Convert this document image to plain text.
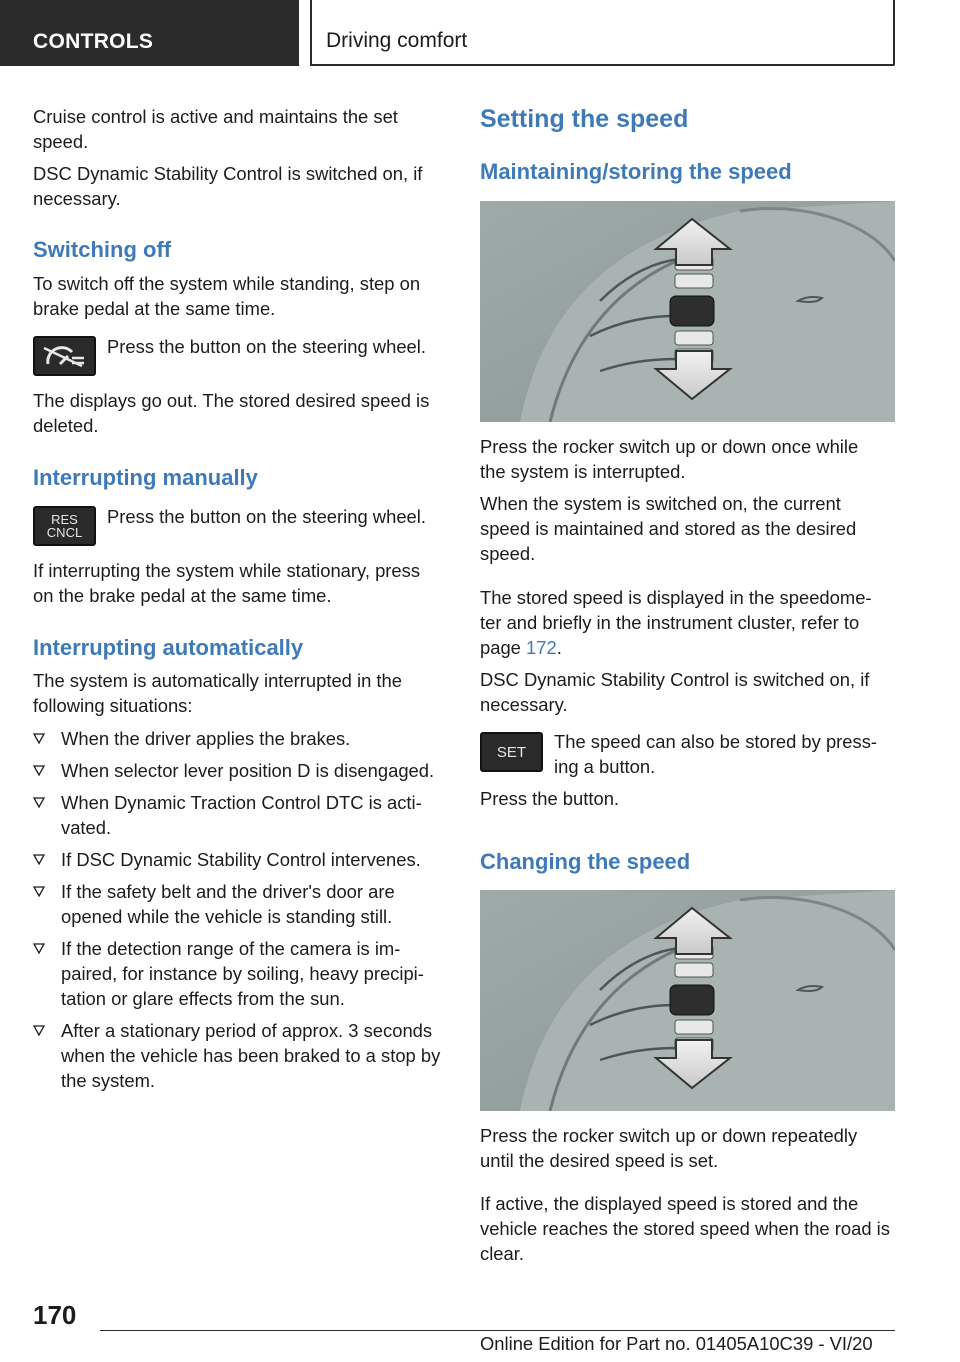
CONTROLS	Driving comfort

Cruise control is active and maintains the set speed.

DSC Dynamic Stability Control is switched on, if necessary.

Switching off

To switch off the system while standing, step on brake pedal at the same time.

Press the button on the steering wheel.

The displays go out. The stored desired speed is deleted.

Interrupting manually
RES
CNCL

Press the button on the steering wheel.

If interrupting the system while stationary, press on the brake pedal at the same time.

Interrupting automatically

The system is automatically interrupted in the following situations:

When the driver applies the brakes.
When selector lever position D is disengaged.
When Dynamic Traction Control DTC is acti- vated.
If DSC Dynamic Stability Control intervenes.
If the safety belt and the driver's door are opened while the vehicle is standing still.
If the detection range of the camera is im- paired, for instance by soiling, heavy precipi- tation or glare effects from the sun.
After a stationary period of approx. 3 seconds when the vehicle has been braked to a stop by the system.
Setting the speed
Maintaining/storing the speed

Press the rocker switch up or down once while the system is interrupted.

When the system is switched on, the current speed is maintained and stored as the desired speed.

The stored speed is displayed in the speedome- ter and briefly in the instrument cluster, refer to page 172.

DSC Dynamic Stability Control is switched on, if necessary.

SET The speed can also be stored by press- ing a button.

Press the button.

Changing the speed

Press the rocker switch up or down repeatedly until the desired speed is set.

If active, the displayed speed is stored and the vehicle reaches the stored speed when the road is clear.

170
Online Edition for Part no. 01405A10C39 - VI/20
